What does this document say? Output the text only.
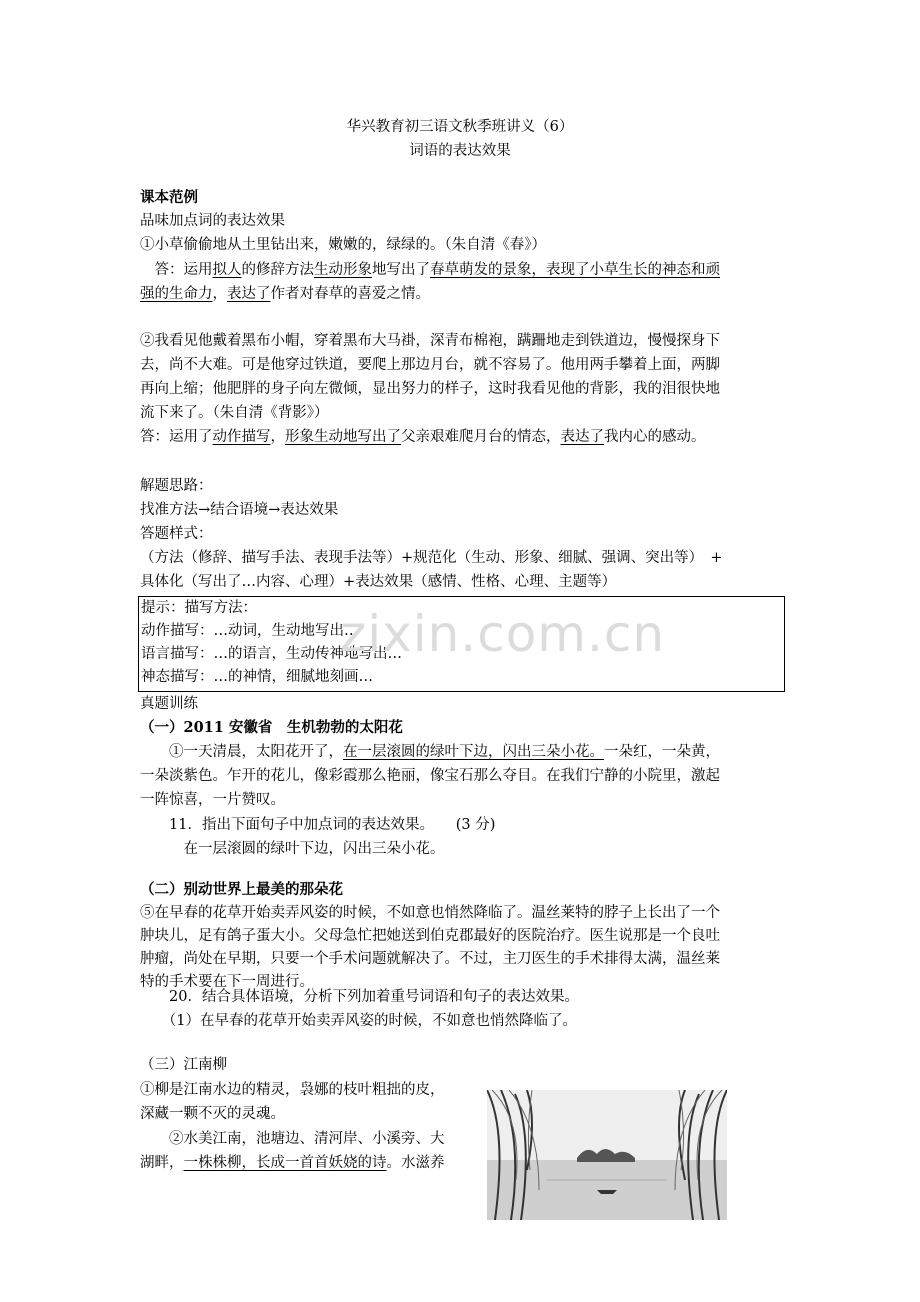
华兴教育初三语文秋季班讲义（6）
词语的表达效果
课本范例
品味加点词的表达效果
①小草偷偷地从土里钻出来，嫩嫩的，绿绿的。（朱自清《春》）
　答：运用拟人的修辞方法生动形象地写出了春草萌发的景象，表现了小草生长的神态和顽
强的生命力，表达了作者对春草的喜爱之情。
②我看见他戴着黑布小帽，穿着黑布大马褂，深青布棉袍，蹒跚地走到铁道边，慢慢探身下
去，尚不大难。可是他穿过铁道，要爬上那边月台，就不容易了。他用两手攀着上面，两脚
再向上缩；他肥胖的身子向左微倾，显出努力的样子，这时我看见他的背影，我的泪很快地
流下来了。（朱自清《背影》）
答：运用了动作描写，形象生动地写出了父亲艰难爬月台的情态，表达了我内心的感动。
解题思路：
找准方法→结合语境→表达效果
答题样式：
（方法（修辞、描写手法、表现手法等）+规范化（生动、形象、细腻、强调、突出等）　+
具体化（写出了…内容、心理）+表达效果（感情、性格、心理、主题等）
提示：描写方法：
动作描写：…动词，生动地写出…
语言描写：…的语言，生动传神地写出…
神态描写：…的神情，细腻地刻画…
zixin.com.cn
真题训练
（一）2011 安徽省　生机勃勃的太阳花
　　①一天清晨，太阳花开了，在一层滚圆的绿叶下边，闪出三朵小花。一朵红，一朵黄，
一朵淡紫色。乍开的花儿，像彩霞那么艳丽，像宝石那么夺目。在我们宁静的小院里，激起
一阵惊喜，一片赞叹。
　　11．指出下面句子中加点词的表达效果。　　(3 分)
　　　在一层滚圆的绿叶下边，闪出三朵小花。
（二）别动世界上最美的那朵花
⑤在早春的花草开始卖弄风姿的时候，不如意也悄然降临了。温丝莱特的脖子上长出了一个
肿块儿，足有鸽子蛋大小。父母急忙把她送到伯克郡最好的医院治疗。医生说那是一个良吐
肿瘤，尚处在早期，只要一个手术问题就解决了。不过，主刀医生的手术排得太满，温丝莱
特的手术要在下一周进行。
　　20．结合具体语境，分析下列加着重号词语和句子的表达效果。
　　（1）在早春的花草开始卖弄风姿的时候，不如意也悄然降临了。
（三）江南柳
①柳是江南水边的精灵，袅娜的枝叶粗拙的皮，
深藏一颗不灭的灵魂。
　　②水美江南，池塘边、清河岸、小溪旁、大
湖畔，一株株柳，长成一首首妖娆的诗。水滋养
